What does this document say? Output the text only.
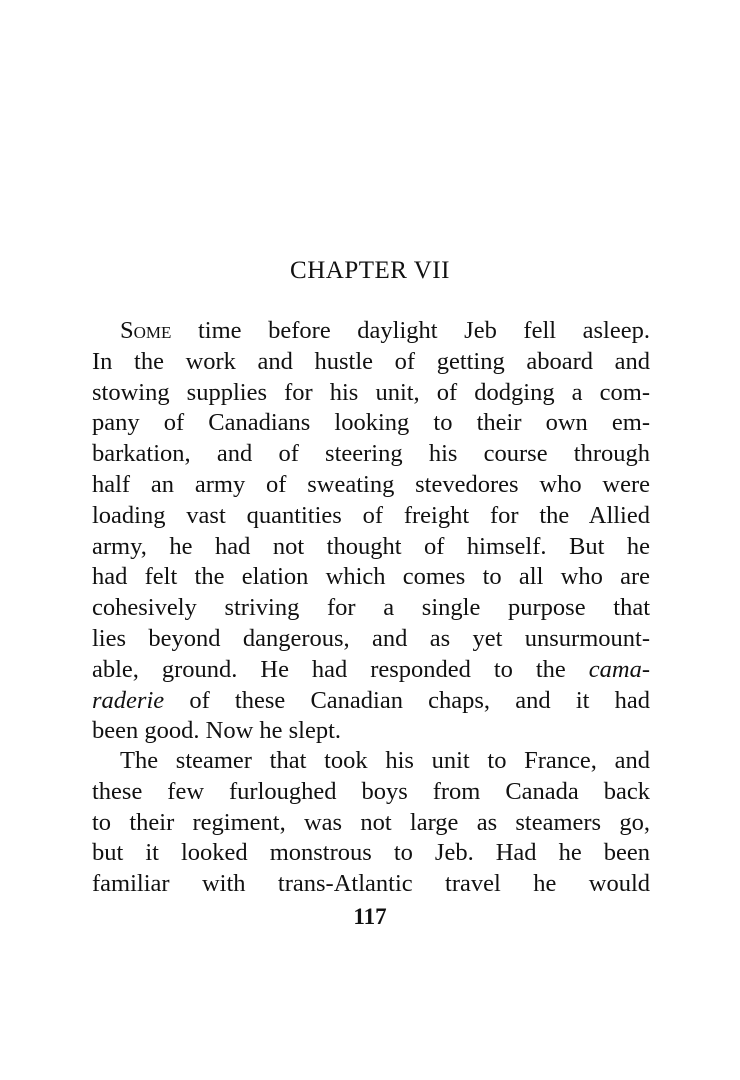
CHAPTER VII
Some time before daylight Jeb fell asleep.
In the work and hustle of getting aboard and
stowing supplies for his unit, of dodging a com-
pany of Canadians looking to their own em-
barkation, and of steering his course through
half an army of sweating stevedores who were
loading vast quantities of freight for the Allied
army, he had not thought of himself. But he
had felt the elation which comes to all who are
cohesively striving for a single purpose that
lies beyond dangerous, and as yet unsurmount-
able, ground. He had responded to the cama-
raderie of these Canadian chaps, and it had
been good. Now he slept.
The steamer that took his unit to France, and
these few furloughed boys from Canada back
to their regiment, was not large as steamers go,
but it looked monstrous to Jeb. Had he been
familiar with trans-Atlantic travel he would
117
